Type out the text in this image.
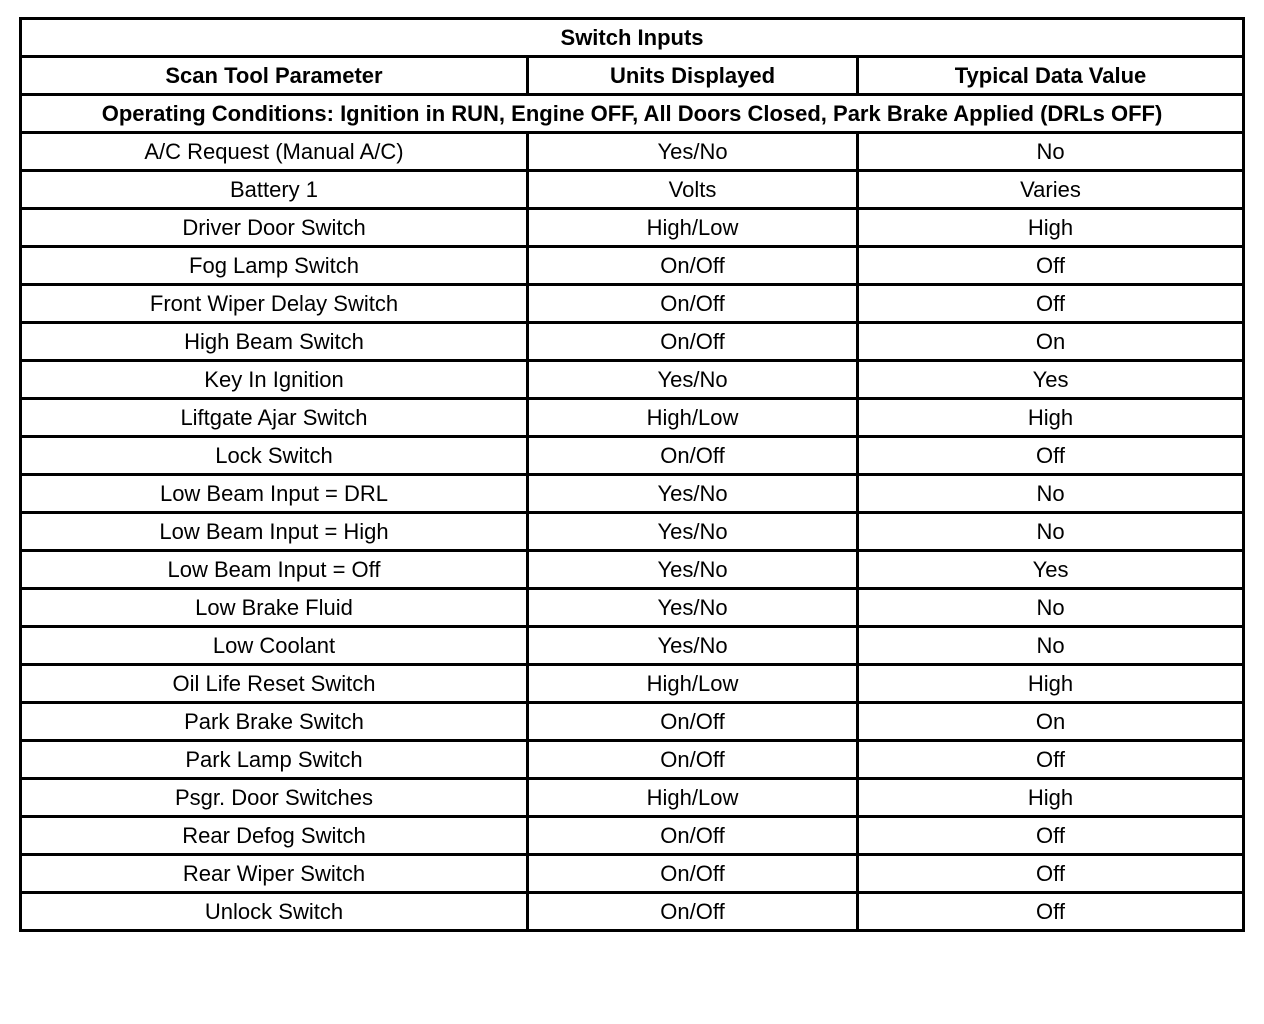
Switch Inputs		
Scan Tool Parameter	Units Displayed	Typical Data Value
Operating Conditions: Ignition in RUN, Engine OFF, All Doors Closed, Park Brake Applied (DRLs OFF)		
A/C Request (Manual A/C)	Yes/No	No
Battery 1	Volts	Varies
Driver Door Switch	High/Low	High
Fog Lamp Switch	On/Off	Off
Front Wiper Delay Switch	On/Off	Off
High Beam Switch	On/Off	On
Key In Ignition	Yes/No	Yes
Liftgate Ajar Switch	High/Low	High
Lock Switch	On/Off	Off
Low Beam Input = DRL	Yes/No	No
Low Beam Input = High	Yes/No	No
Low Beam Input = Off	Yes/No	Yes
Low Brake Fluid	Yes/No	No
Low Coolant	Yes/No	No
Oil Life Reset Switch	High/Low	High
Park Brake Switch	On/Off	On
Park Lamp Switch	On/Off	Off
Psgr. Door Switches	High/Low	High
Rear Defog Switch	On/Off	Off
Rear Wiper Switch	On/Off	Off
Unlock Switch	On/Off	Off
